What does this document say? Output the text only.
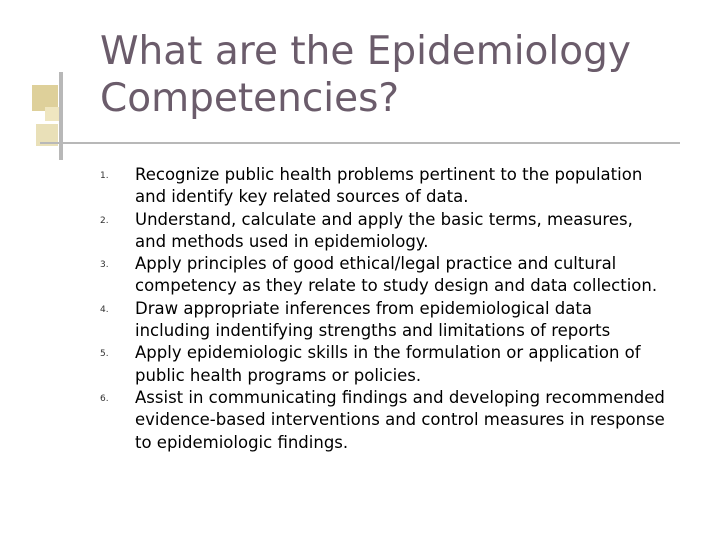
What are the Epidemiology
Competencies?
1. Recognize public health problems pertinent to the population
and identify key related sources of data.
2. Understand, calculate and apply the basic terms, measures,
and methods used in epidemiology.
3. Apply principles of good ethical/legal practice and cultural
competency as they relate to study design and data collection.
4. Draw appropriate inferences from epidemiological data
including indentifying strengths and limitations of reports
5. Apply epidemiologic skills in the formulation or application of
public health programs or policies.
6. Assist in communicating findings and developing recommended
evidence-based interventions and control measures in response
to epidemiologic findings.
